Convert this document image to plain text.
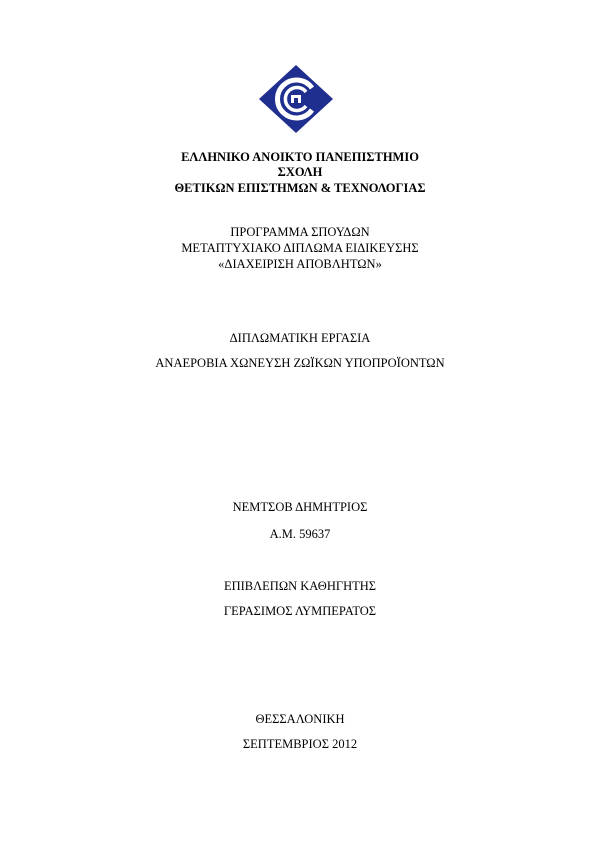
ΕΛΛΗΝΙΚΟ ΑΝΟΙΚΤΟ ΠΑΝΕΠΙΣΤΗΜΙΟ
ΣΧΟΛΗ
ΘΕΤΙΚΩΝ ΕΠΙΣΤΗΜΩΝ & ΤΕΧΝΟΛΟΓΙΑΣ
ΠΡΟΓΡΑΜΜΑ ΣΠΟΥΔΩΝ
ΜΕΤΑΠΤΥΧΙΑΚΟ ΔΙΠΛΩΜΑ ΕΙΔΙΚΕΥΣΗΣ
«ΔΙΑΧΕΙΡΙΣΗ ΑΠΟΒΛΗΤΩΝ»
ΔΙΠΛΩΜΑΤΙΚΗ ΕΡΓΑΣΙΑ
ΑΝΑΕΡΟΒΙΑ ΧΩΝΕΥΣΗ ΖΩΪΚΩΝ ΥΠΟΠΡΟΪΟΝΤΩΝ
ΝΕΜΤΣΟΒ ΔΗΜΗΤΡΙΟΣ
Α.Μ. 59637
ΕΠΙΒΛΕΠΩΝ ΚΑΘΗΓΗΤΗΣ
ΓΕΡΑΣΙΜΟΣ ΛΥΜΠΕΡΑΤΟΣ
ΘΕΣΣΑΛΟΝΙΚΗ
ΣΕΠΤΕΜΒΡΙΟΣ 2012
